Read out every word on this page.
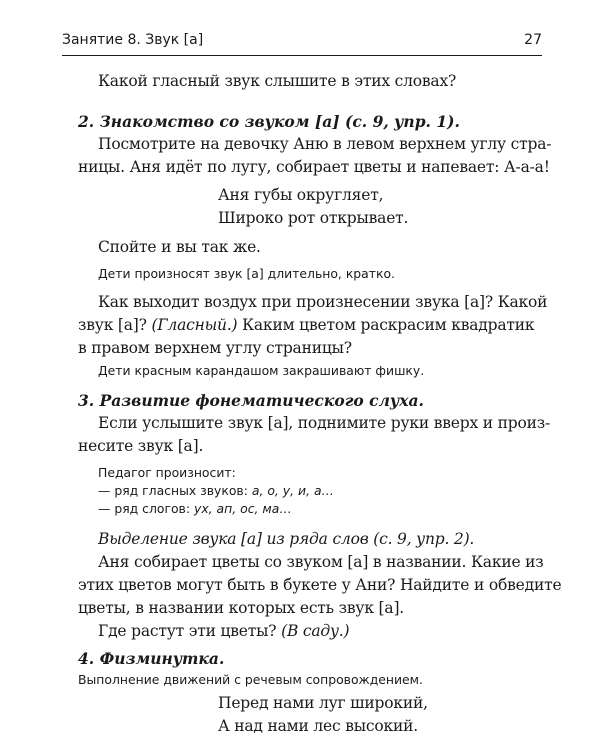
Занятие 8. Звук [а]	27
Какой гласный звук слышите в этих словах?
2. Знакомство со звуком [а] (с. 9, упр. 1).
Посмотрите на девочку Аню в левом верхнем углу стра-
ницы. Аня идёт по лугу, собирает цветы и напевает: А-а-а!
Аня губы округляет,
Широко рот открывает.
Спойте и вы так же.
Дети произносят звук [а] длительно, кратко.
Как выходит воздух при произнесении звука [а]? Какой
звук [а]? (Гласный.) Каким цветом раскрасим квадратик
в правом верхнем углу страницы?
Дети красным карандашом закрашивают фишку.
3. Развитие фонематического слуха.
Если услышите звук [а], поднимите руки вверх и произ-
несите звук [а].
Педагог произносит:
— ряд гласных звуков: а, о, у, и, а…
— ряд слогов: ух, ап, ос, ма…
Выделение звука [а] из ряда слов (с. 9, упр. 2).
Аня собирает цветы со звуком [а] в названии. Какие из
этих цветов могут быть в букете у Ани? Найдите и обведите
цветы, в названии которых есть звук [а].
Где растут эти цветы? (В саду.)
4. Физминутка.
Выполнение движений с речевым сопровождением.
Перед нами луг широкий,
А над нами лес высокий.
